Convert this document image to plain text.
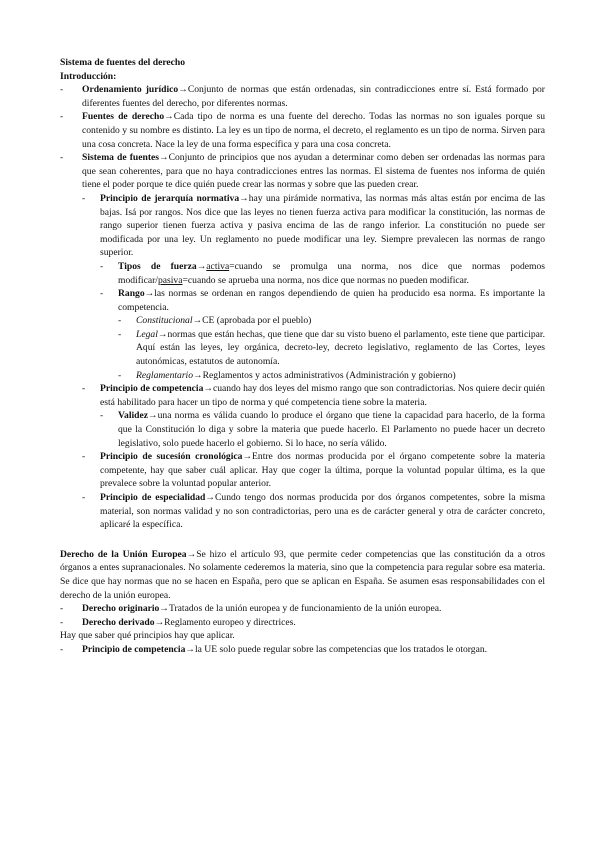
Sistema de fuentes del derecho

Introducción:

- Ordenamiento jurídico→Conjunto de normas que están ordenadas, sin contradicciones entre sí. Está formado por diferentes fuentes del derecho, por diferentes normas.
- Fuentes de derecho→Cada tipo de norma es una fuente del derecho. Todas las normas no son iguales porque su contenido y su nombre es distinto. La ley es un tipo de norma, el decreto, el reglamento es un tipo de norma. Sirven para una cosa concreta. Nace la ley de una forma específica y para una cosa concreta.
- Sistema de fuentes→Conjunto de principios que nos ayudan a determinar como deben ser ordenadas las normas para que sean coherentes, para que no haya contradicciones entres las normas. El sistema de fuentes nos informa de quién tiene el poder porque te dice quién puede crear las normas y sobre que las pueden crear.
- Principio de jerarquía normativa→hay una pirámide normativa, las normas más altas están por encima de las bajas. Isá por rangos. Nos dice que las leyes no tienen fuerza activa para modificar la constitución, las normas de rango superior tienen fuerza activa y pasiva encima de las de rango inferior. La constitución no puede ser modificada por una ley. Un reglamento no puede modificar una ley. Siempre prevalecen las normas de rango superior.
- Tipos de fuerza→activa=cuando se promulga una norma, nos dice que normas podemos modificar/pasiva=cuando se aprueba una norma, nos dice que normas no pueden modificar.
- Rango→las normas se ordenan en rangos dependiendo de quien ha producido esa norma. Es importante la competencia.
- Constitucional→CE (aprobada por el pueblo)
- Legal→normas que están hechas, que tiene que dar su visto bueno el parlamento, este tiene que participar. Aquí están las leyes, ley orgánica, decreto-ley, decreto legislativo, reglamento de las Cortes, leyes autonómicas, estatutos de autonomía.
- Reglamentario→Reglamentos y actos administrativos (Administración y gobierno)
- Principio de competencia→cuando hay dos leyes del mismo rango que son contradictorias. Nos quiere decir quién está habilitado para hacer un tipo de norma y qué competencia tiene sobre la materia.
- Validez→una norma es válida cuando lo produce el órgano que tiene la capacidad para hacerlo, de la forma que la Constitución lo diga y sobre la materia que puede hacerlo. El Parlamento no puede hacer un decreto legislativo, solo puede hacerlo el gobierno. Si lo hace, no sería válido.
- Principio de sucesión cronológica→Entre dos normas producida por el órgano competente sobre la materia competente, hay que saber cuál aplicar. Hay que coger la última, porque la voluntad popular última, es la que prevalece sobre la voluntad popular anterior.
- Principio de especialidad→Cundo tengo dos normas producida por dos órganos competentes, sobre la misma material, son normas validad y no son contradictorias, pero una es de carácter general y otra de carácter concreto, aplicaré la específica.

Derecho de la Unión Europea→Se hizo el artículo 93, que permite ceder competencias que las constitución da a otros órganos a entes supranacionales. No solamente cederemos la materia, sino que la competencia para regular sobre esa materia. Se dice que hay normas que no se hacen en España, pero que se aplican en España. Se asumen esas responsabilidades con el derecho de la unión europea.

- Derecho originario→Tratados de la unión europea y de funcionamiento de la unión europea.
- Derecho derivado→Reglamento europeo y directrices.

Hay que saber qué principios hay que aplicar.

- Principio de competencia→la UE solo puede regular sobre las competencias que los tratados le otorgan.
